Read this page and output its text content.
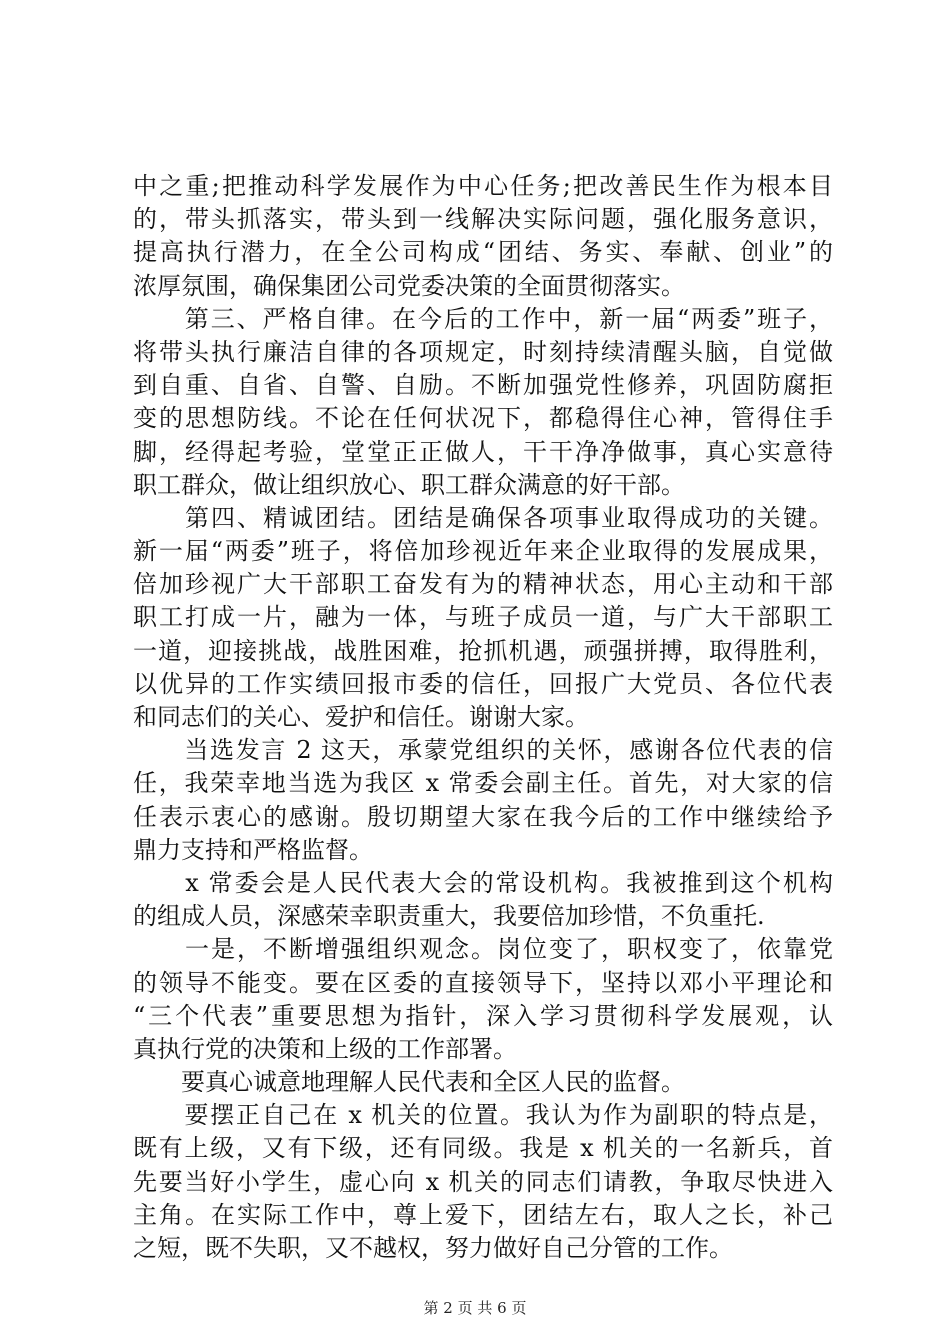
中之重;把推动科学发展作为中心任务;把改善民生作为根本目
的，带头抓落实，带头到一线解决实际问题，强化服务意识，
提高执行潜力，在全公司构成“团结、务实、奉献、创业”的
浓厚氛围，确保集团公司党委决策的全面贯彻落实。
　　第三、严格自律。在今后的工作中，新一届“两委”班子，
将带头执行廉洁自律的各项规定，时刻持续清醒头脑，自觉做
到自重、自省、自警、自励。不断加强党性修养，巩固防腐拒
变的思想防线。不论在任何状况下，都稳得住心神，管得住手
脚，经得起考验，堂堂正正做人，干干净净做事，真心实意待
职工群众，做让组织放心、职工群众满意的好干部。
　　第四、精诚团结。团结是确保各项事业取得成功的关键。
新一届“两委”班子，将倍加珍视近年来企业取得的发展成果，
倍加珍视广大干部职工奋发有为的精神状态，用心主动和干部
职工打成一片，融为一体，与班子成员一道，与广大干部职工
一道，迎接挑战，战胜困难，抢抓机遇，顽强拼搏，取得胜利，
以优异的工作实绩回报市委的信任，回报广大党员、各位代表
和同志们的关心、爱护和信任。谢谢大家。
　　当选发言 2 这天，承蒙党组织的关怀，感谢各位代表的信
任，我荣幸地当选为我区 x 常委会副主任。首先，对大家的信
任表示衷心的感谢。殷切期望大家在我今后的工作中继续给予
鼎力支持和严格监督。
　　x 常委会是人民代表大会的常设机构。我被推到这个机构
的组成人员，深感荣幸职责重大，我要倍加珍惜，不负重托.
　　一是，不断增强组织观念。岗位变了，职权变了，依靠党
的领导不能变。要在区委的直接领导下，坚持以邓小平理论和
“三个代表”重要思想为指针，深入学习贯彻科学发展观，认
真执行党的决策和上级的工作部署。
　　要真心诚意地理解人民代表和全区人民的监督。
　　要摆正自己在 x 机关的位置。我认为作为副职的特点是，
既有上级，又有下级，还有同级。我是 x 机关的一名新兵，首
先要当好小学生，虚心向 x 机关的同志们请教，争取尽快进入
主角。在实际工作中，尊上爱下，团结左右，取人之长，补己
之短，既不失职，又不越权，努力做好自己分管的工作。
第 2 页 共 6 页
